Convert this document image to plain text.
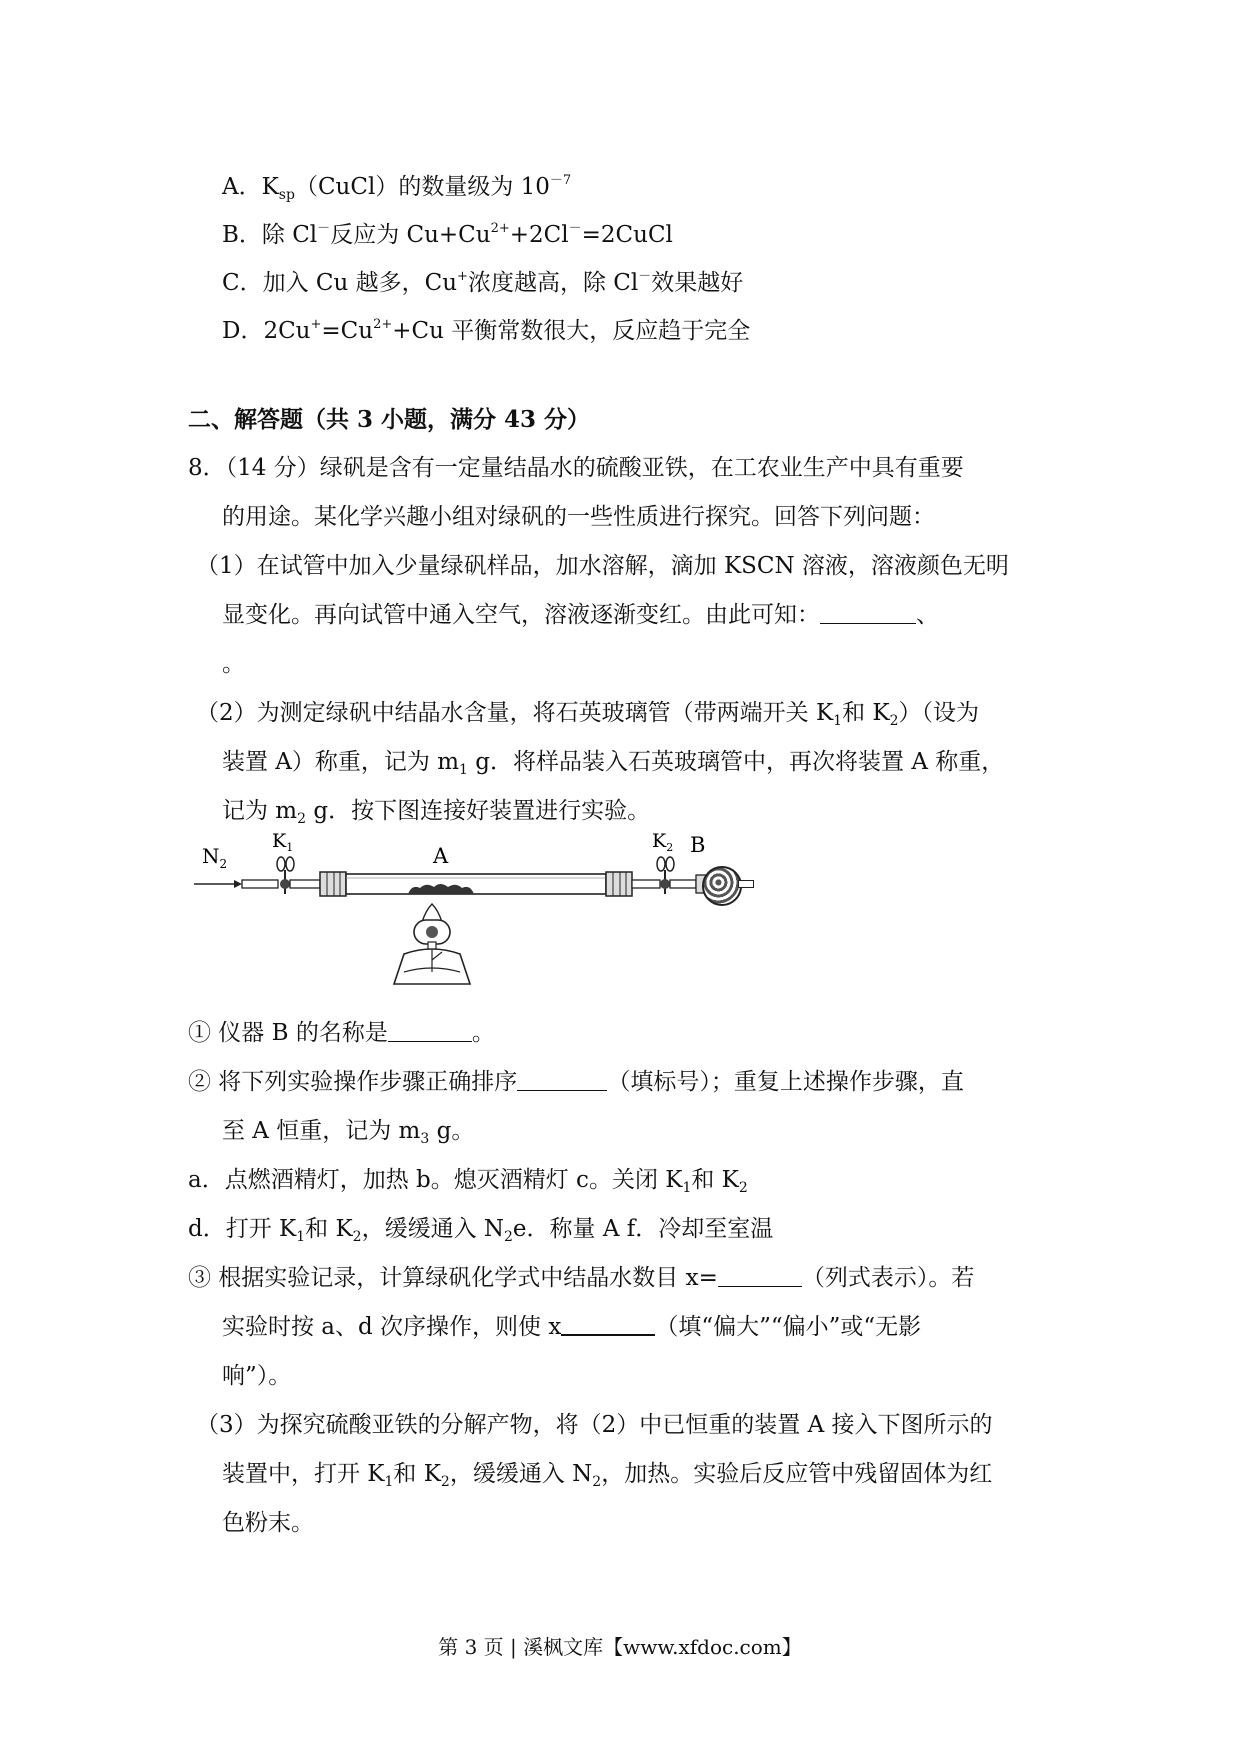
A．$K_{sp}(CuCl)$的数量级为 $10^{-7}$
B．除 Cl－反应为 $Cu+Cu^{2+}+2Cl^-=2CuCl$
C．加入 Cu 越多，Cu+浓度越高，除 Cl－效果越好
D．$2Cu^+=Cu^{2+}+Cu$ 平衡常数很大，反应趋于完全
二、解答题（共 3 小题，满分 43 分）
8．（14 分）绿矾是含有一定量结晶水的硫酸亚铁，在工农业生产中具有重要
的用途。某化学兴趣小组对绿矾的一些性质进行探究。回答下列问题：
（1）在试管中加入少量绿矾样品，加水溶解，滴加 KSCN 溶液，溶液颜色无明
显变化。再向试管中通入空气，溶液逐渐变红。由此可知：	、
。
（2）为测定绿矾中结晶水含量，将石英玻璃管（带两端开关 $K_1$和 $K_2$）（设为
装置 A）称重，记为 $m_1$ g．将样品装入石英玻璃管中，再次将装置 A 称重，
记为 $m_2$ g．按下图连接好装置进行实验。
$N_2$
$K_1$	A
$K_2$ B
① 仪器 B 的名称是	。
② 将下列实验操作步骤正确排序	（填标号）；重复上述操作步骤，直
至 A 恒重，记为 $m_3$ g。
a．点燃酒精灯，加热 b。熄灭酒精灯 c。关闭 $K_1$和 $K_2$
d．打开 $K_1$和 $K_2$，缓缓通入 $N_2e$．称量 A f．冷却至室温
③ 根据实验记录，计算绿矾化学式中结晶水数目 x=	（列式表示）。若
实验时按 a、d 次序操作，则使 x	（填“偏大”“偏小”或“无影
响”）。
（3）为探究硫酸亚铁的分解产物，将（2）中已恒重的装置 A 接入下图所示的
装置中，打开 $K_1$和 $K_2$，缓缓通入 $N_2$，加热。实验后反应管中残留固体为红
色粉末。
第 3 页 | 溪枫文库【www.xfdoc.com】
